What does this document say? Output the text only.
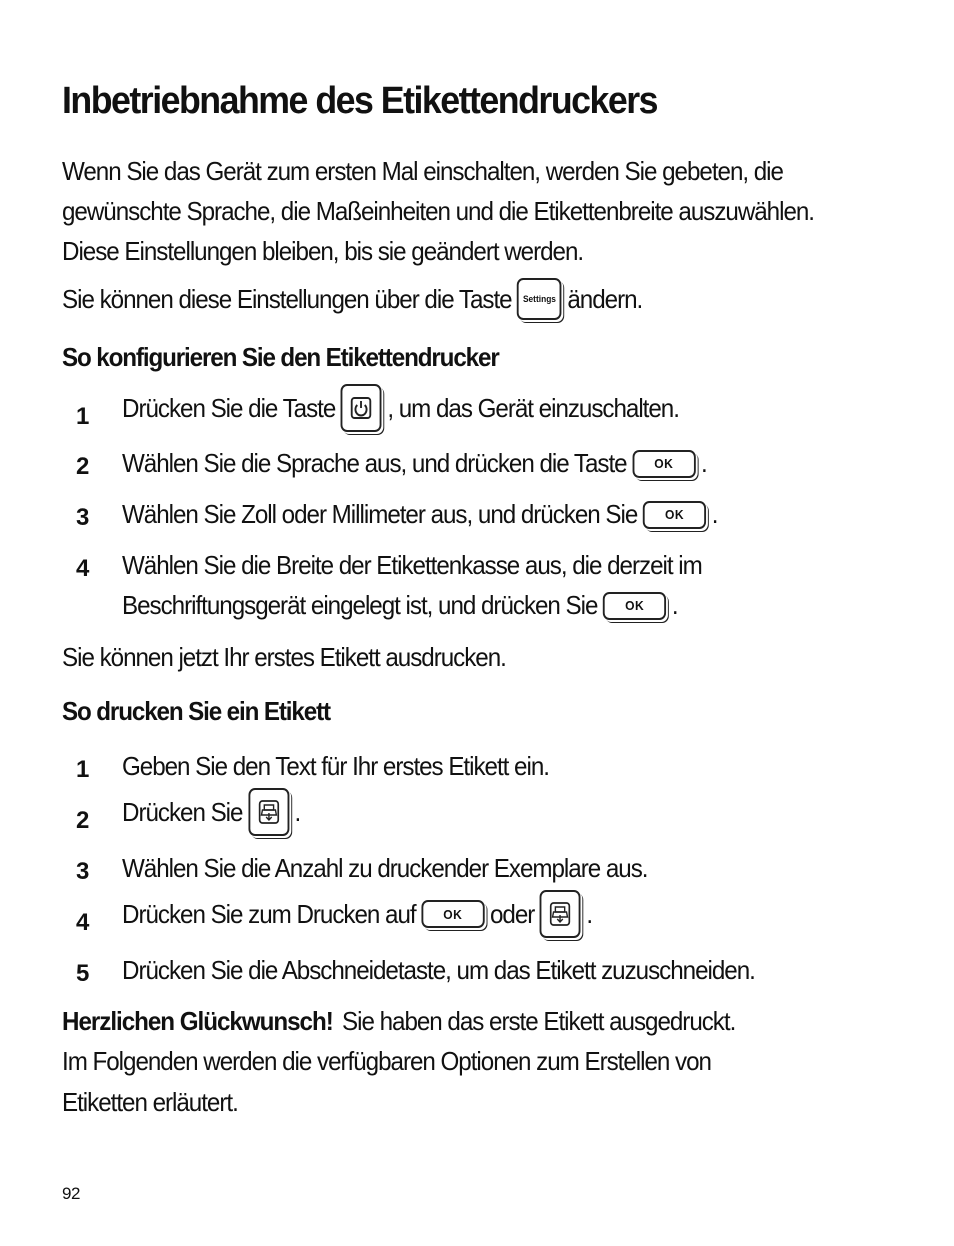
Inbetriebnahme des Etikettendruckers
Wenn Sie das Gerät zum ersten Mal einschalten, werden Sie gebeten, die
gewünschte Sprache, die Maßeinheiten und die Etikettenbreite auszuwählen.
Diese Einstellungen bleiben, bis sie geändert werden.
Sie können diese Einstellungen über die Taste Settings ändern.
So konfigurieren Sie den Etikettendrucker
1 Drücken Sie die Taste , um das Gerät einzuschalten.
2 Wählen Sie die Sprache aus, und drücken die Taste OK .
3 Wählen Sie Zoll oder Millimeter aus, und drücken Sie OK .
4 Wählen Sie die Breite der Etikettenkasse aus, die derzeit im
Beschriftungsgerät eingelegt ist, und drücken Sie OK .
Sie können jetzt Ihr erstes Etikett ausdrucken.
So drucken Sie ein Etikett
1 Geben Sie den Text für Ihr erstes Etikett ein.
2 Drücken Sie .
3 Wählen Sie die Anzahl zu druckender Exemplare aus.
4 Drücken Sie zum Drucken auf OK oder .
5 Drücken Sie die Abschneidetaste, um das Etikett zuzuschneiden.
Herzlichen Glückwunsch! Sie haben das erste Etikett ausgedruckt.
Im Folgenden werden die verfügbaren Optionen zum Erstellen von
Etiketten erläutert.
92
